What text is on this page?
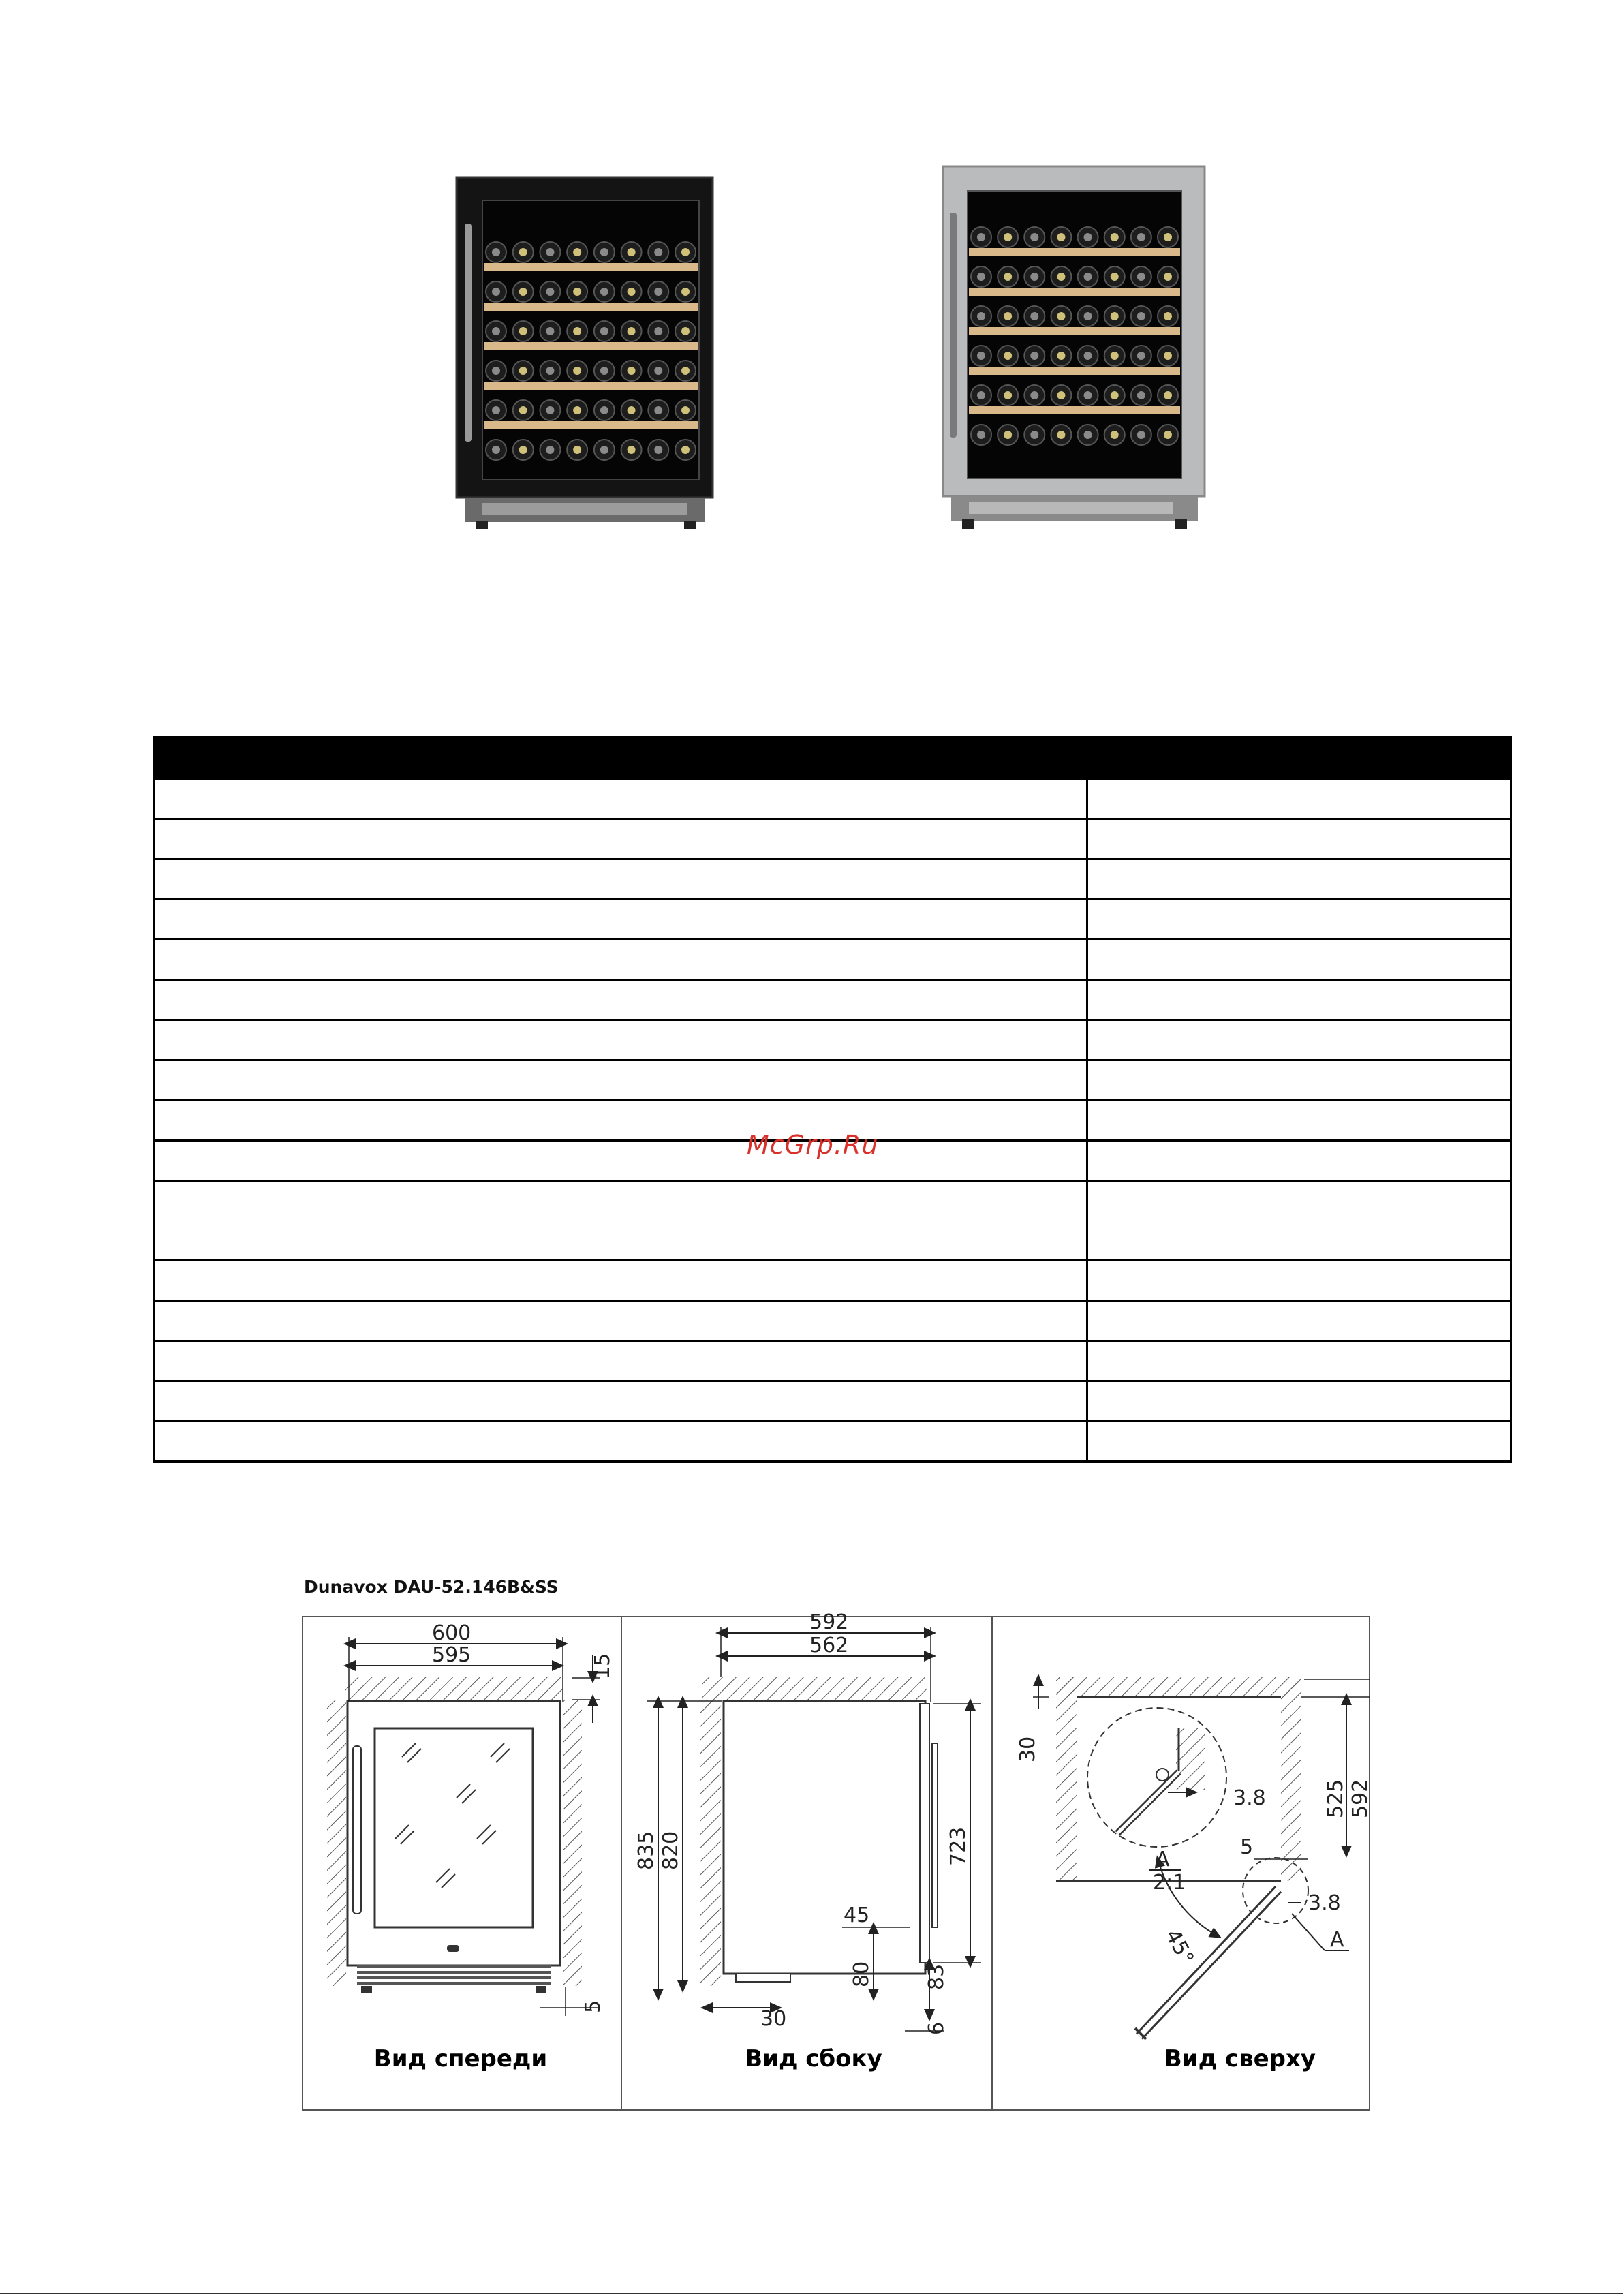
McGrp.Ru
Dunavox DAU-52.146B&SS
600
595	15
5
Вид спереди
592
562
835 820	723
45
80	83
30	6
Вид сбоку
3.8
30
525 592
5
A
2:1
45°
3.8
A
Вид сверху
